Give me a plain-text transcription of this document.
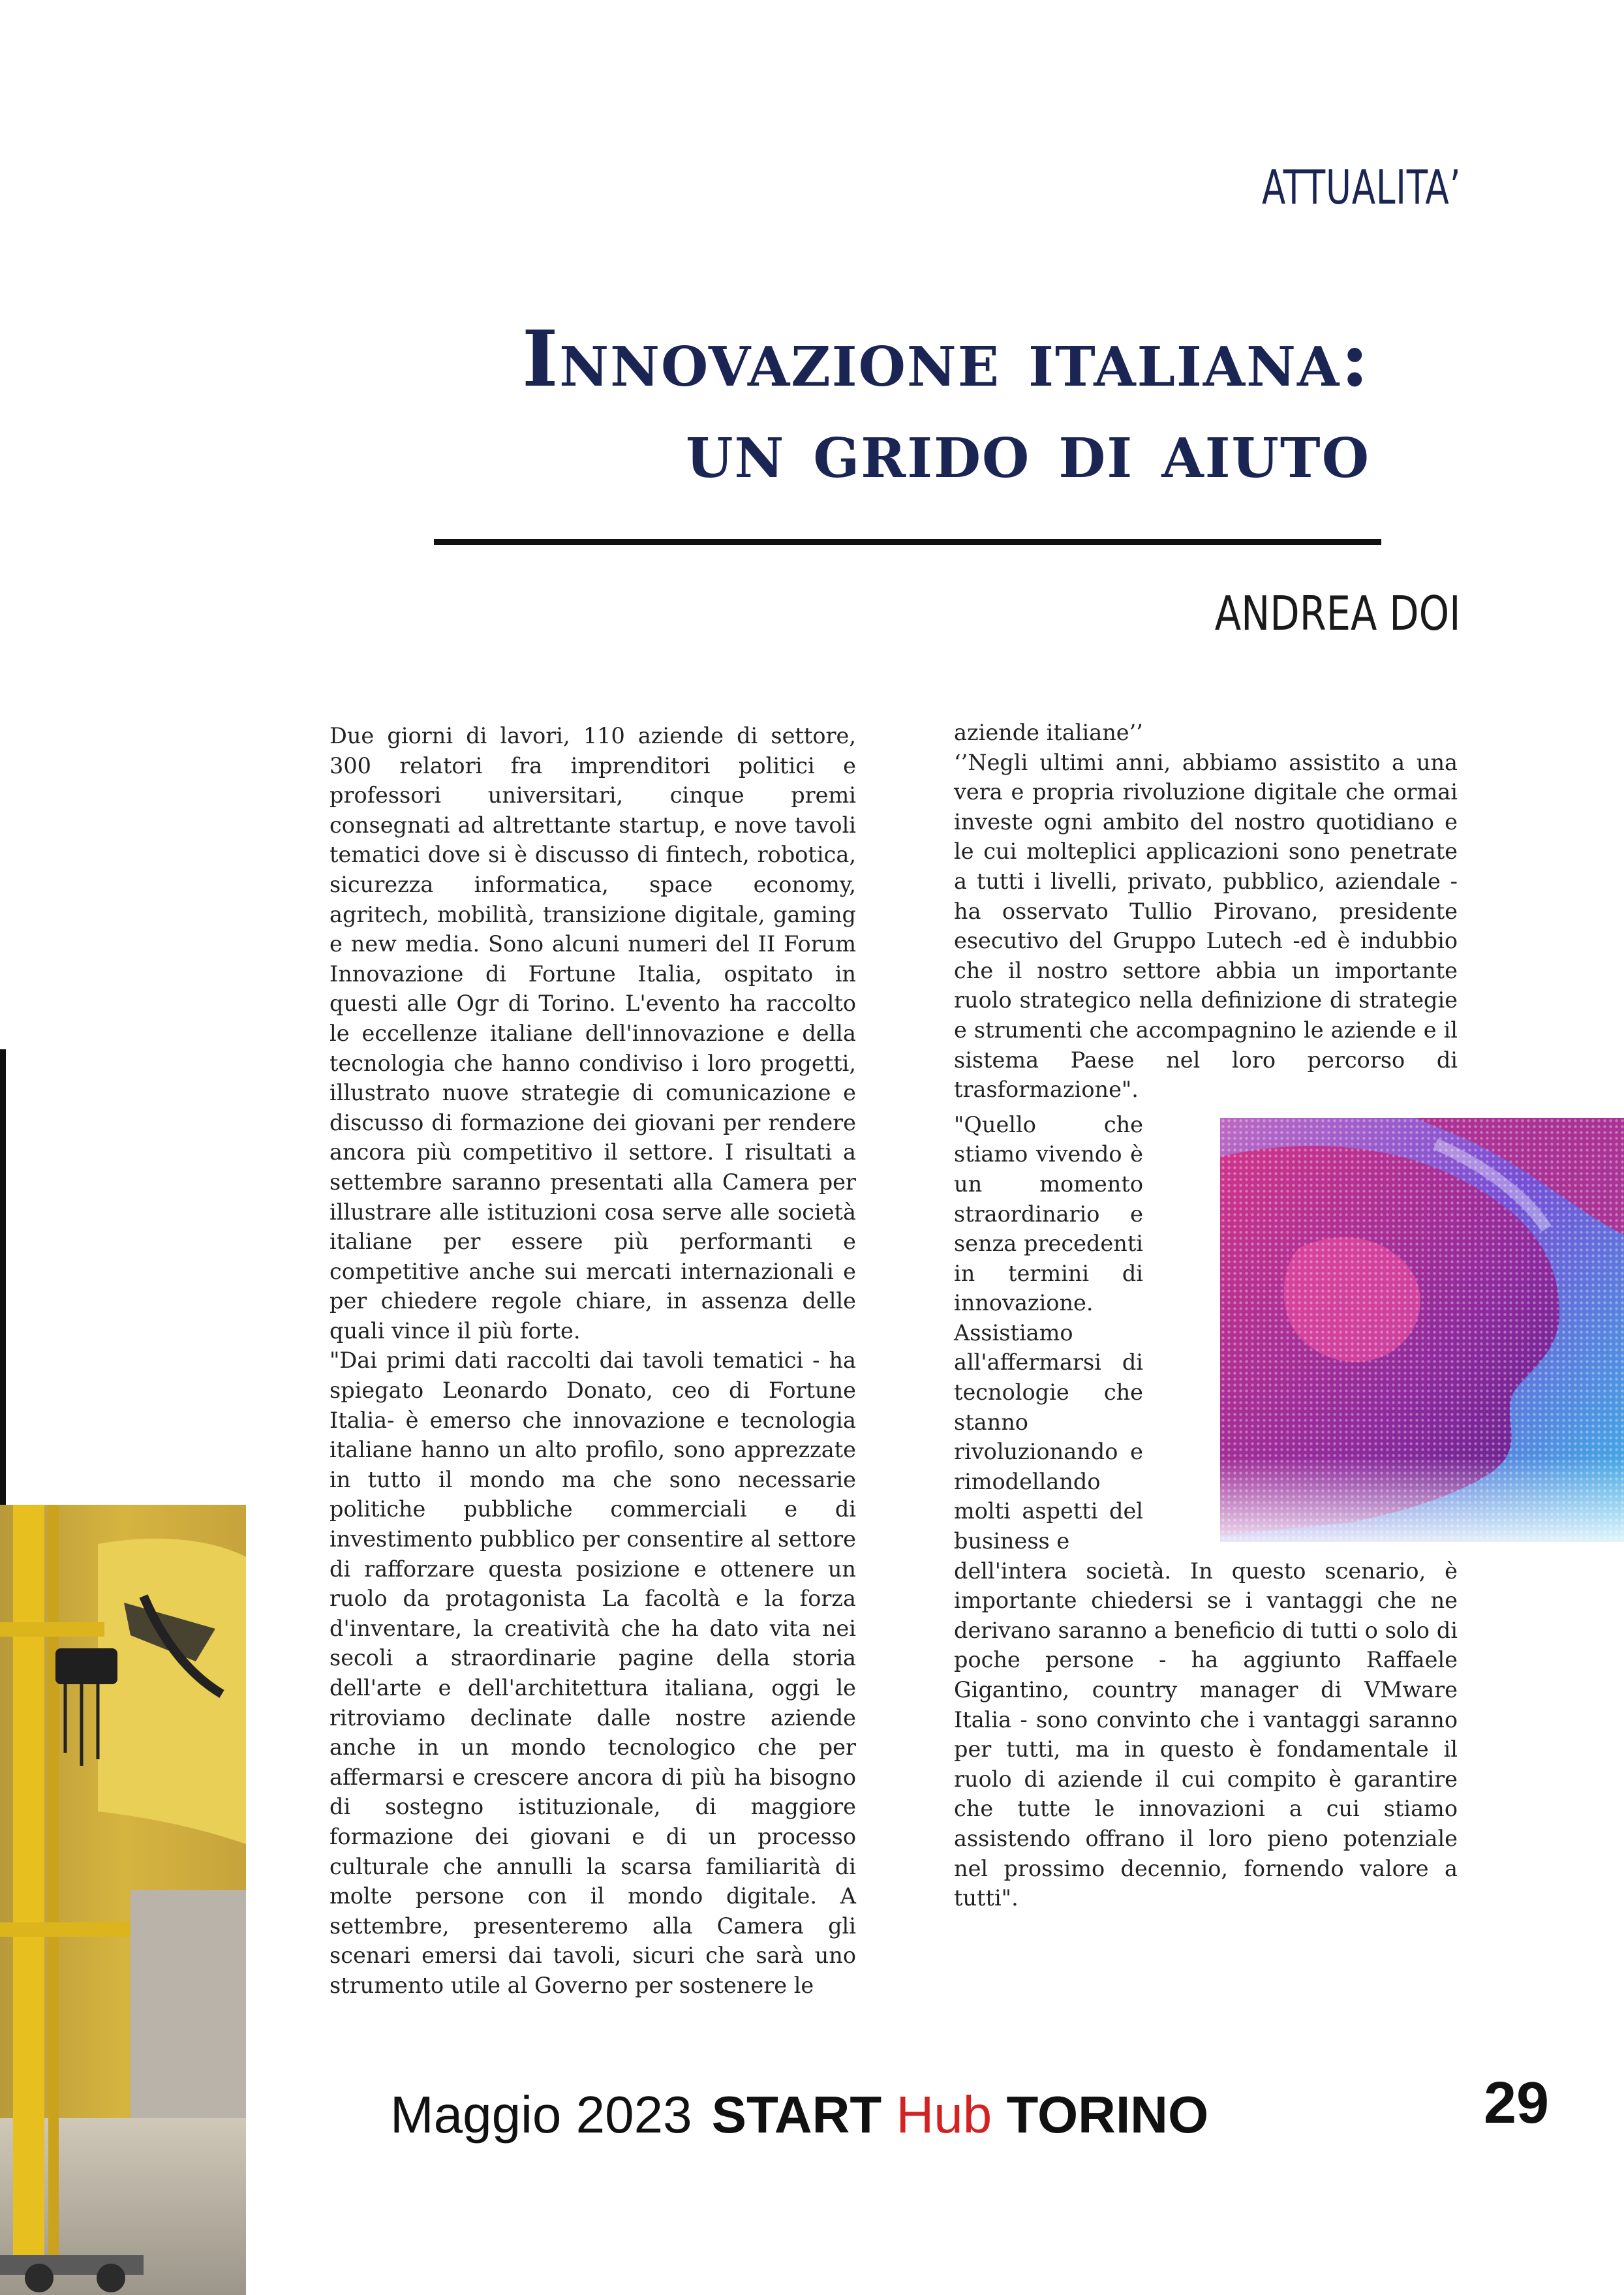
ATTUALITA’
Innovazione italiana:
un grido di aiuto
ANDREA DOI

Due giorni di lavori, 110 aziende di settore, 300 relatori fra imprenditori politici e professori universitari, cinque premi consegnati ad altrettante startup, e nove tavoli tematici dove si è discusso di fintech, robotica, sicurezza informatica, space economy, agritech, mobilità, transizione digitale, gaming e new media. Sono alcuni numeri del II Forum Innovazione di Fortune Italia, ospitato in questi alle Ogr di Torino. L'evento ha raccolto le eccellenze italiane dell'innovazione e della tecnologia che hanno condiviso i loro progetti, illustrato nuove strategie di comunicazione e discusso di formazione dei giovani per rendere ancora più competitivo il settore. I risultati a settembre saranno presentati alla Camera per illustrare alle istituzioni cosa serve alle società italiane per essere più performanti e competitive anche sui mercati internazionali e per chiedere regole chiare, in assenza delle quali vince il più forte.

"Dai primi dati raccolti dai tavoli tematici - ha spiegato Leonardo Donato, ceo di Fortune Italia- è emerso che innovazione e tecnologia italiane hanno un alto profilo, sono apprezzate in tutto il mondo ma che sono necessarie politiche pubbliche commerciali e di investimento pubblico per consentire al settore di rafforzare questa posizione e ottenere un ruolo da protagonista La facoltà e la forza d'inventare, la creatività che ha dato vita nei secoli a straordinarie pagine della storia dell'arte e dell'architettura italiana, oggi le ritroviamo declinate dalle nostre aziende anche in un mondo tecnologico che per affermarsi e crescere ancora di più ha bisogno di sostegno istituzionale, di maggiore formazione dei giovani e di un processo culturale che annulli la scarsa familiarità di molte persone con il mondo digitale. A settembre, presenteremo alla Camera gli scenari emersi dai tavoli, sicuri che sarà uno strumento utile al Governo per sostenere le

aziende italiane’’

‘’Negli ultimi anni, abbiamo assistito a una vera e propria rivoluzione digitale che ormai investe ogni ambito del nostro quotidiano e le cui molteplici applicazioni sono penetrate a tutti i livelli, privato, pubblico, aziendale - ha osservato Tullio Pirovano, presidente esecutivo del Gruppo Lutech -ed è indubbio che il nostro settore abbia un importante ruolo strategico nella definizione di strategie e strumenti che accompagnino le aziende e il sistema Paese nel loro percorso di trasformazione".

"Quello che stiamo vivendo è un momento straordinario e senza precedenti in termini di innovazione. Assistiamo all'affermarsi di tecnologie che stanno rivoluzionando e rimodellando molti aspetti del business e

dell'intera società. In questo scenario, è importante chiedersi se i vantaggi che ne derivano saranno a beneficio di tutti o solo di poche persone - ha aggiunto Raffaele Gigantino, country manager di VMware Italia - sono convinto che i vantaggi saranno per tutti, ma in questo è fondamentale il ruolo di aziende il cui compito è garantire che tutte le innovazioni a cui stiamo assistendo offrano il loro pieno potenziale nel prossimo decennio, fornendo valore a tutti".

Maggio 2023 START Hub TORINO	29
